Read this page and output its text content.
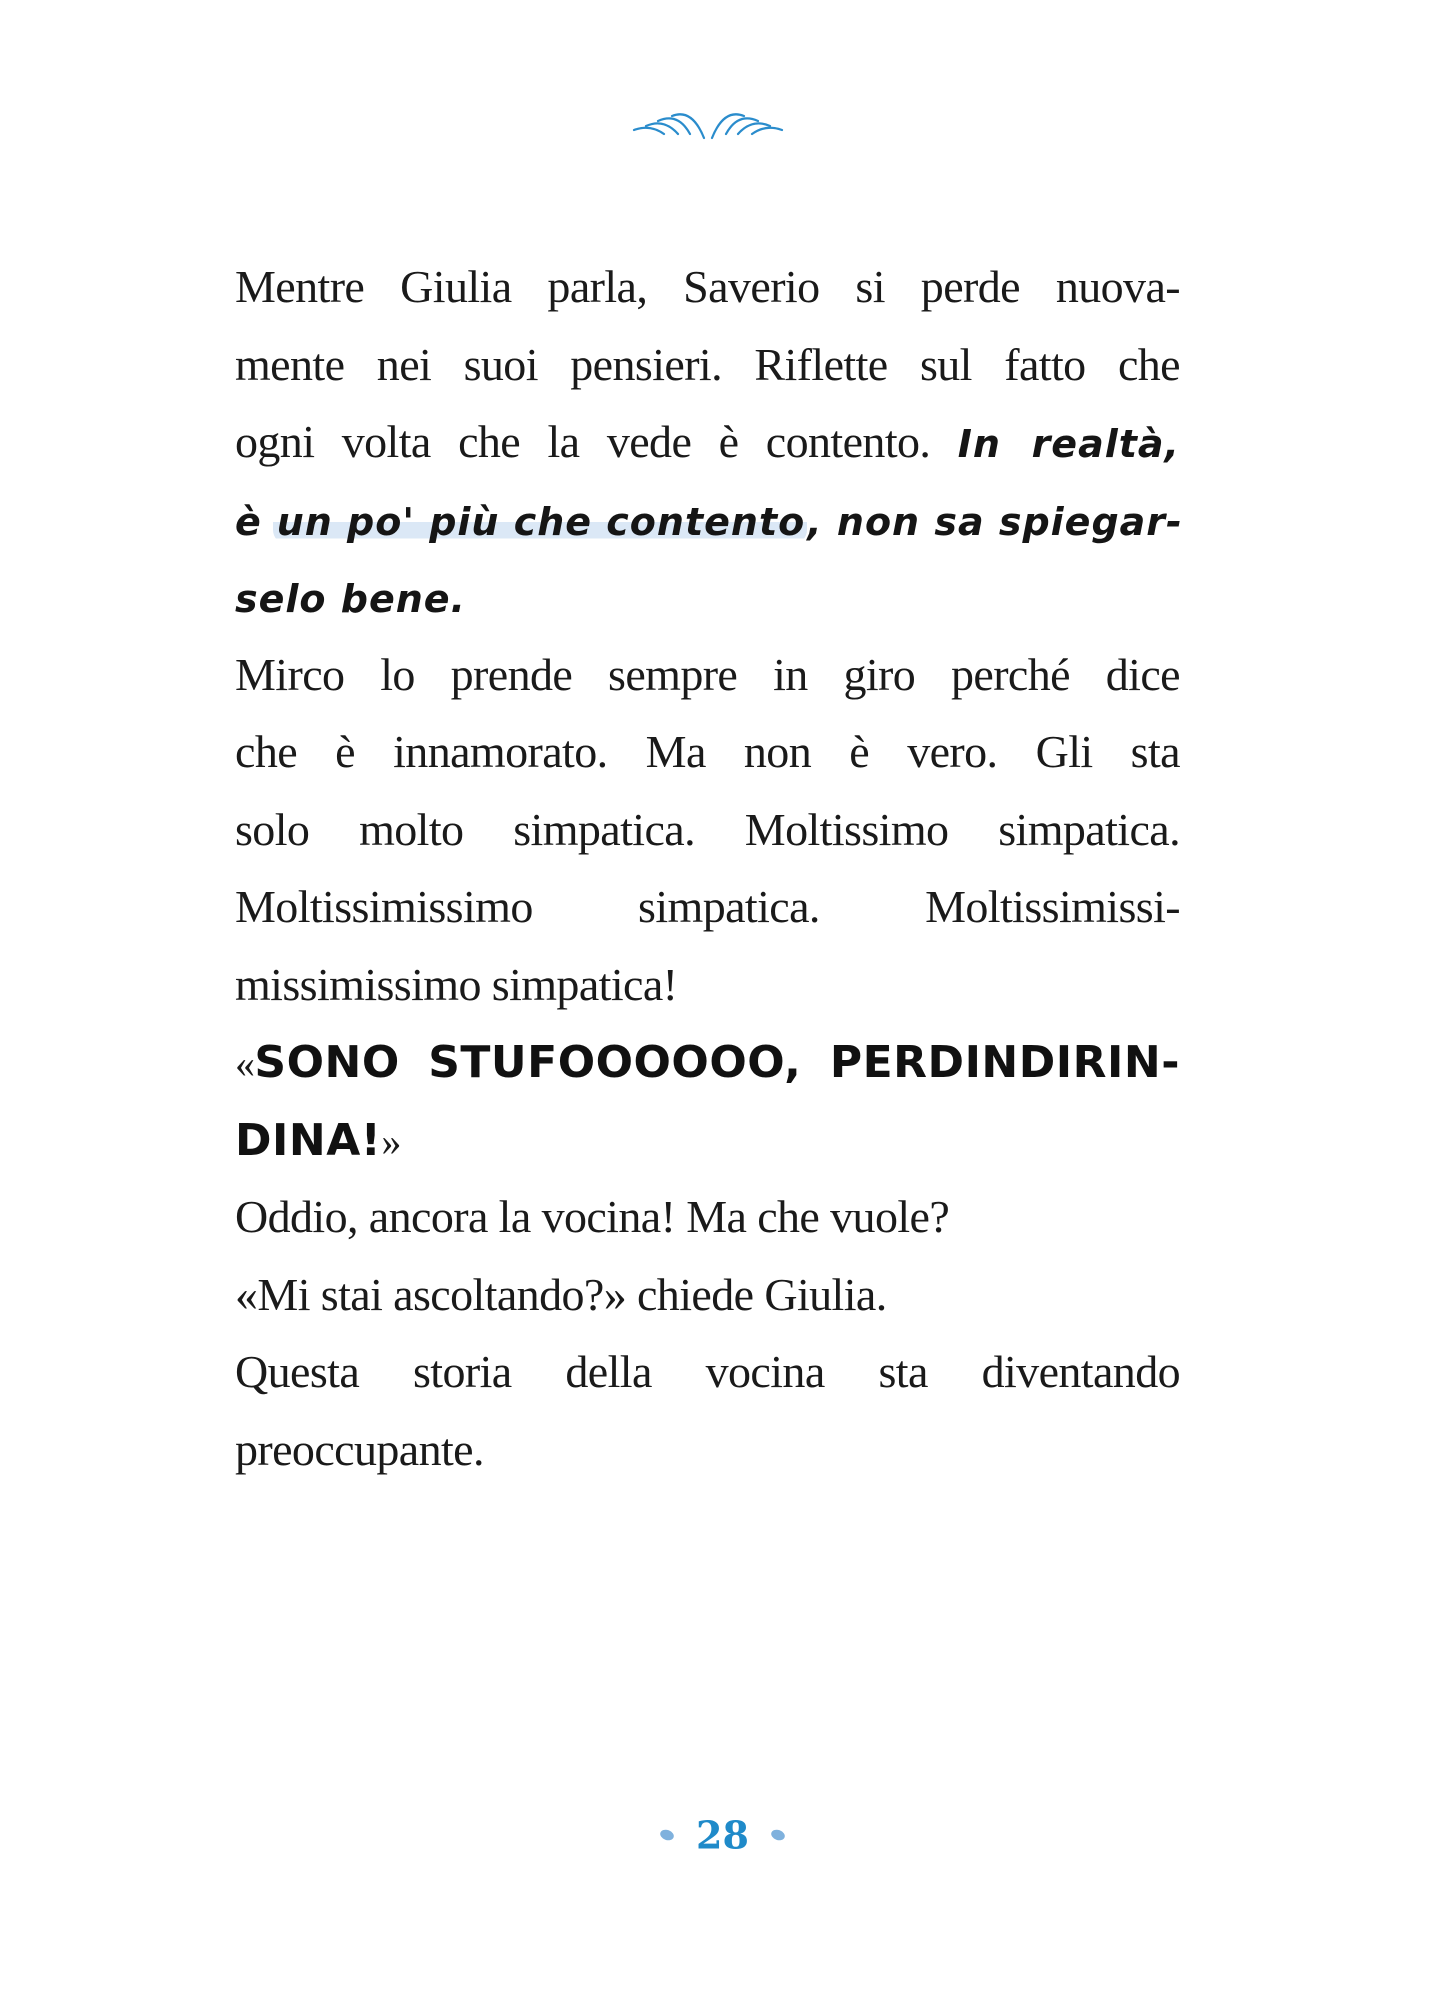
Mentre Giulia parla, Saverio si perde nuova-
mente nei suoi pensieri. Riflette sul fatto che
ogni volta che la vede è contento. In realtà,
è un po' più che contento, non sa spiegar-
selo bene.
Mirco lo prende sempre in giro perché dice
che è innamorato. Ma non è vero. Gli sta
solo molto simpatica. Moltissimo simpatica.
Moltissimissimo simpatica. Moltissimissi-
missimissimo simpatica!
«SONO STUFOOOOOO, PERDINDIRIN-
DINA!»
Oddio, ancora la vocina! Ma che vuole?
«Mi stai ascoltando?» chiede Giulia.
Questa storia della vocina sta diventando
preoccupante.
28
